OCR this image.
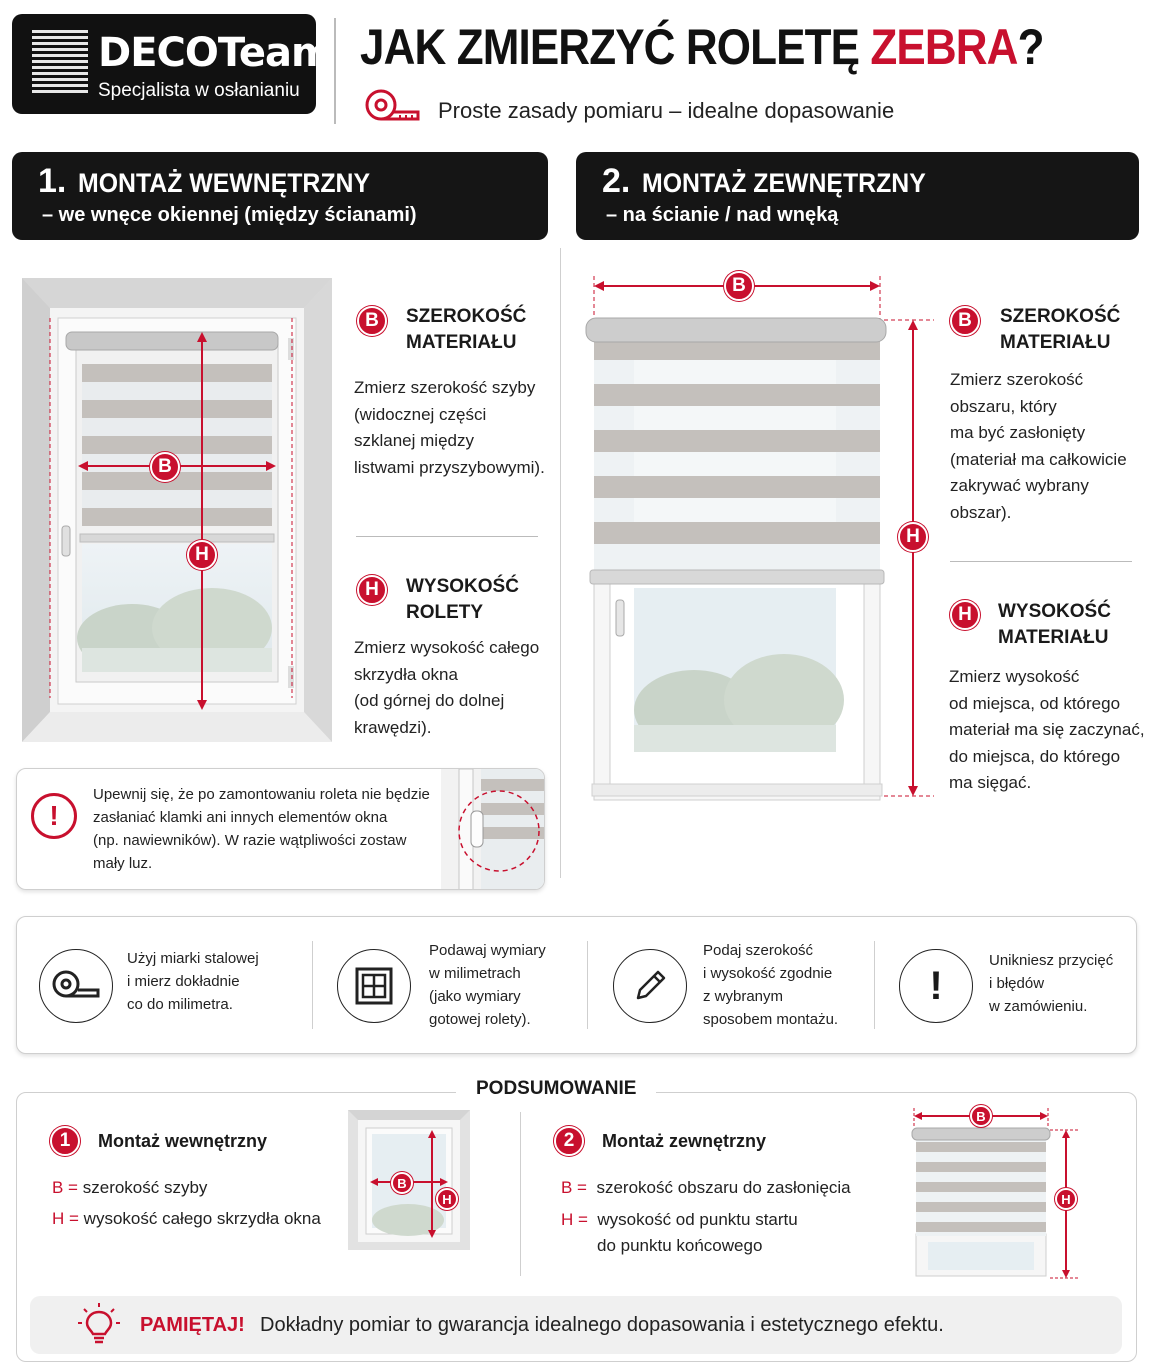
DECOTeam
Specjalista w osłanianiu
JAK ZMIERZYĆ ROLETĘ ZEBRA?
Proste zasady pomiaru – idealne dopasowanie
1. MONTAŻ WEWNĘTRZNY
– we wnęce okiennej (między ścianami)
2. MONTAŻ ZEWNĘTRZNY
– na ścianie / nad wnęką
B
H
B	SZEROKOŚĆ
MATERIAŁU
Zmierz szerokość szyby
(widocznej części
szklanej między
listwami przyszybowymi).
H	WYSOKOŚĆ
ROLETY
Zmierz wysokość całego
skrzydła okna
(od górnej do dolnej
krawędzi).
!
Upewnij się, że po zamontowaniu roleta nie będzie
zasłaniać klamki ani innych elementów okna
(np. nawiewników). W razie wątpliwości zostaw
mały luz.
B
H
B	SZEROKOŚĆ
MATERIAŁU
Zmierz szerokość
obszaru, który
ma być zasłonięty
(materiał ma całkowicie
zakrywać wybrany
obszar).
H	WYSOKOŚĆ
MATERIAŁU
Zmierz wysokość
od miejsca, od którego
materiał ma się zaczynać,
do miejsca, do którego
ma sięgać.
Użyj miarki stalowej
i mierz dokładnie
co do milimetra.
Podawaj wymiary
w milimetrach
(jako wymiary
gotowej rolety).
Podaj szerokość
i wysokość zgodnie
z wybranym
sposobem montażu.
!
Unikniesz przycięć
i błędów
w zamówieniu.
PODSUMOWANIE
1	Montaż wewnętrzny
B = szerokość szyby
H = wysokość całego skrzydła okna
B
H
2	Montaż zewnętrzny
B = szerokość obszaru do zasłonięcia
H = wysokość od punktu startu
do punktu końcowego
B
H
PAMIĘTAJ! Dokładny pomiar to gwarancja idealnego dopasowania i estetycznego efektu.
